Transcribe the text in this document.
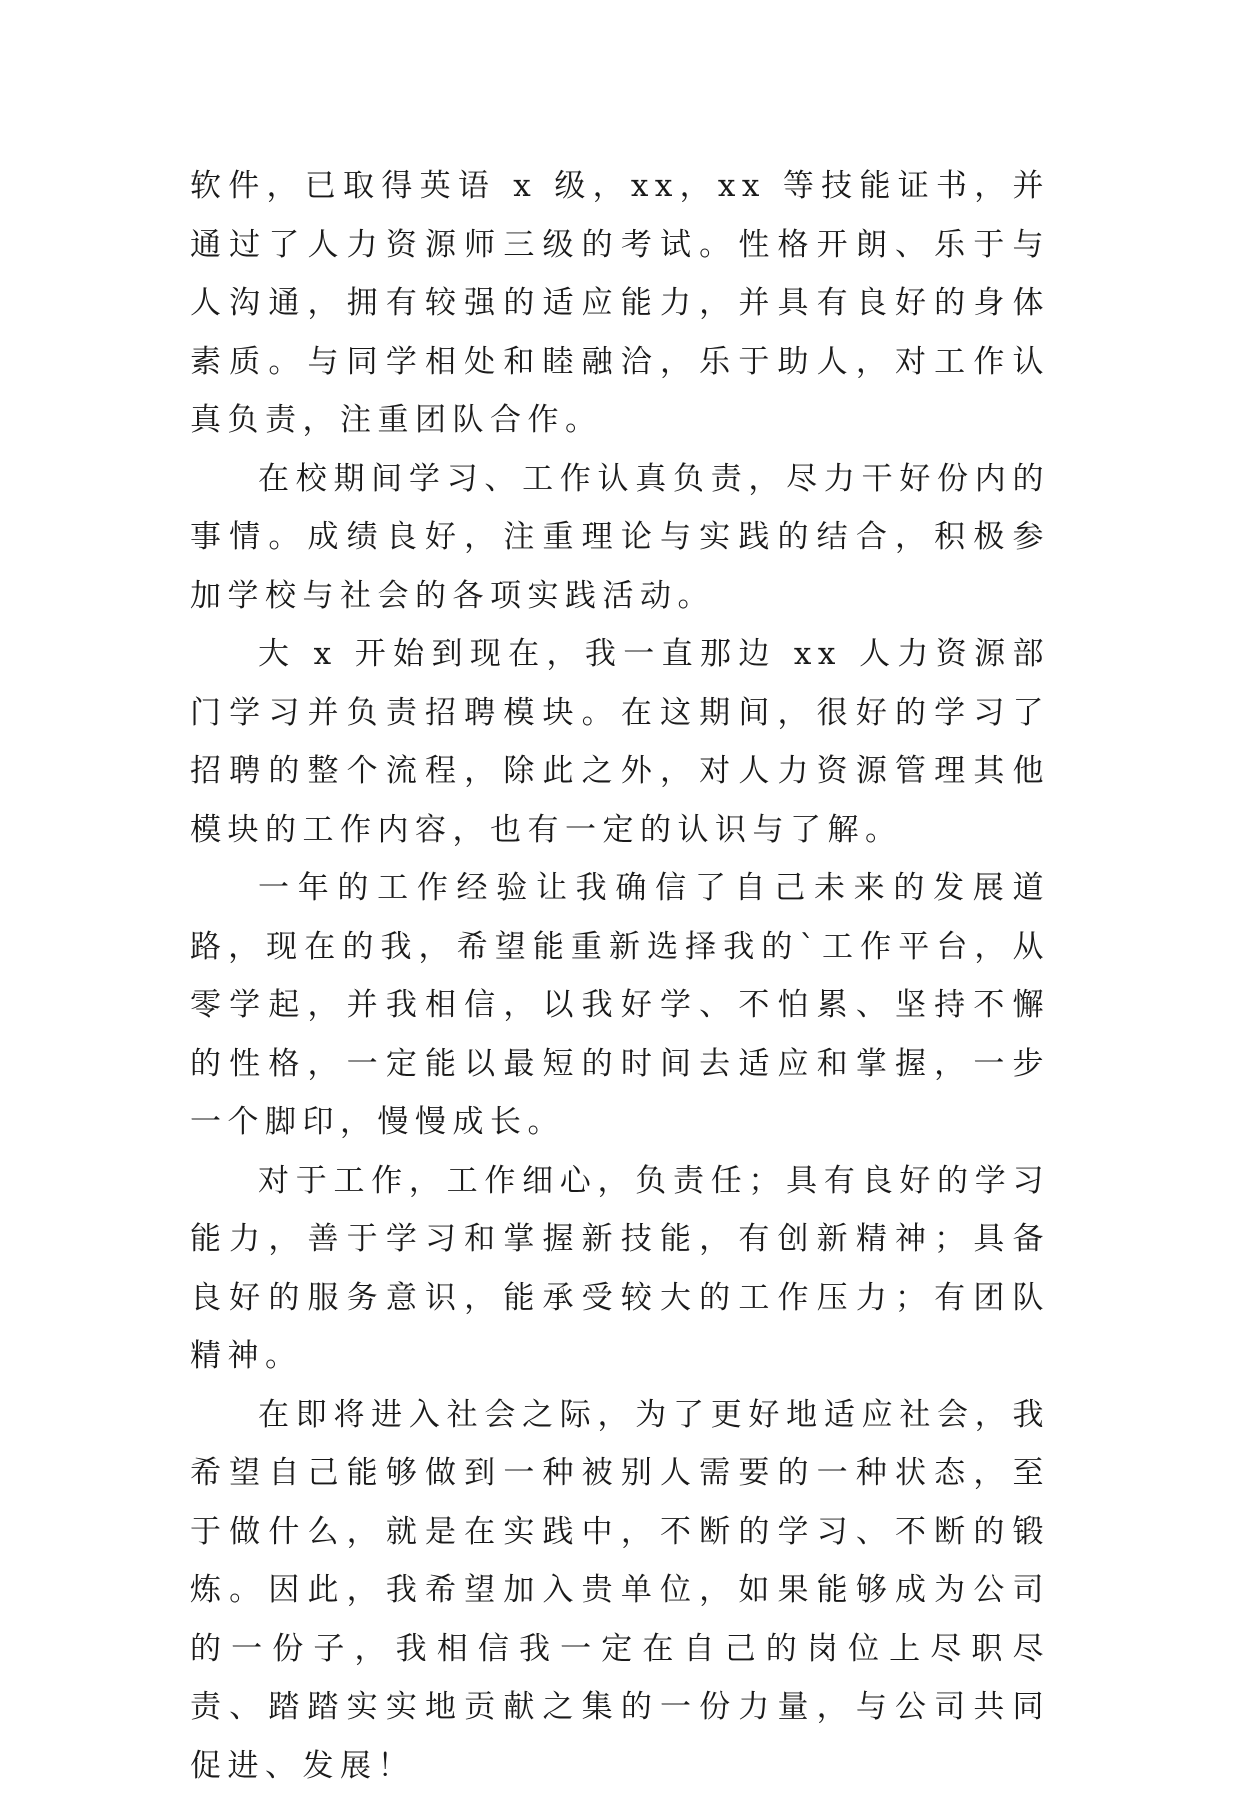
软件，已取得英语 x 级，xx，xx 等技能证书，并通过了人力资源师三级的考试。性格开朗、乐于与人沟通，拥有较强的适应能力，并具有良好的身体素质。与同学相处和睦融洽，乐于助人，对工作认真负责，注重团队合作。

在校期间学习、工作认真负责，尽力干好份内的事情。成绩良好，注重理论与实践的结合，积极参加学校与社会的各项实践活动。

大 x 开始到现在，我一直那边 xx 人力资源部门学习并负责招聘模块。在这期间，很好的学习了招聘的整个流程，除此之外，对人力资源管理其他模块的工作内容，也有一定的认识与了解。

一年的工作经验让我确信了自己未来的发展道路，现在的我，希望能重新选择我的`工作平台，从零学起，并我相信，以我好学、不怕累、坚持不懈的性格，一定能以最短的时间去适应和掌握，一步一个脚印，慢慢成长。

对于工作，工作细心，负责任；具有良好的学习能力，善于学习和掌握新技能，有创新精神；具备良好的服务意识，能承受较大的工作压力；有团队精神。

在即将进入社会之际，为了更好地适应社会，我希望自己能够做到一种被别人需要的一种状态，至于做什么，就是在实践中，不断的学习、不断的锻炼。因此，我希望加入贵单位，如果能够成为公司的一份子，我相信我一定在自己的岗位上尽职尽责、踏踏实实地贡献之集的一份力量，与公司共同促进、发展！
